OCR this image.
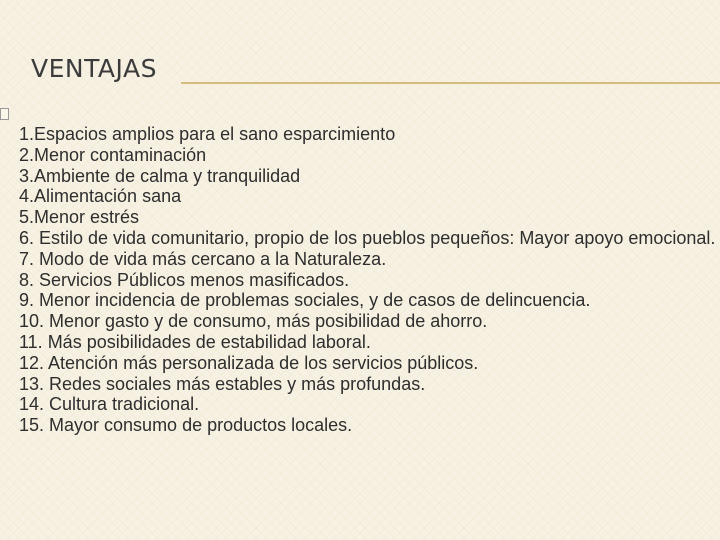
VENTAJAS
1.Espacios amplios para el sano esparcimiento
2.Menor contaminación
3.Ambiente de calma y tranquilidad
4.Alimentación sana
5.Menor estrés
6. Estilo de vida comunitario, propio de los pueblos pequeños: Mayor apoyo emocional.
7. Modo de vida más cercano a la Naturaleza.
8. Servicios Públicos menos masificados.
9. Menor incidencia de problemas sociales, y de casos de delincuencia.
10. Menor gasto y de consumo, más posibilidad de ahorro.
11. Más posibilidades de estabilidad laboral.
12. Atención más personalizada de los servicios públicos.
13. Redes sociales más estables y más profundas.
14. Cultura tradicional.
15. Mayor consumo de productos locales.
